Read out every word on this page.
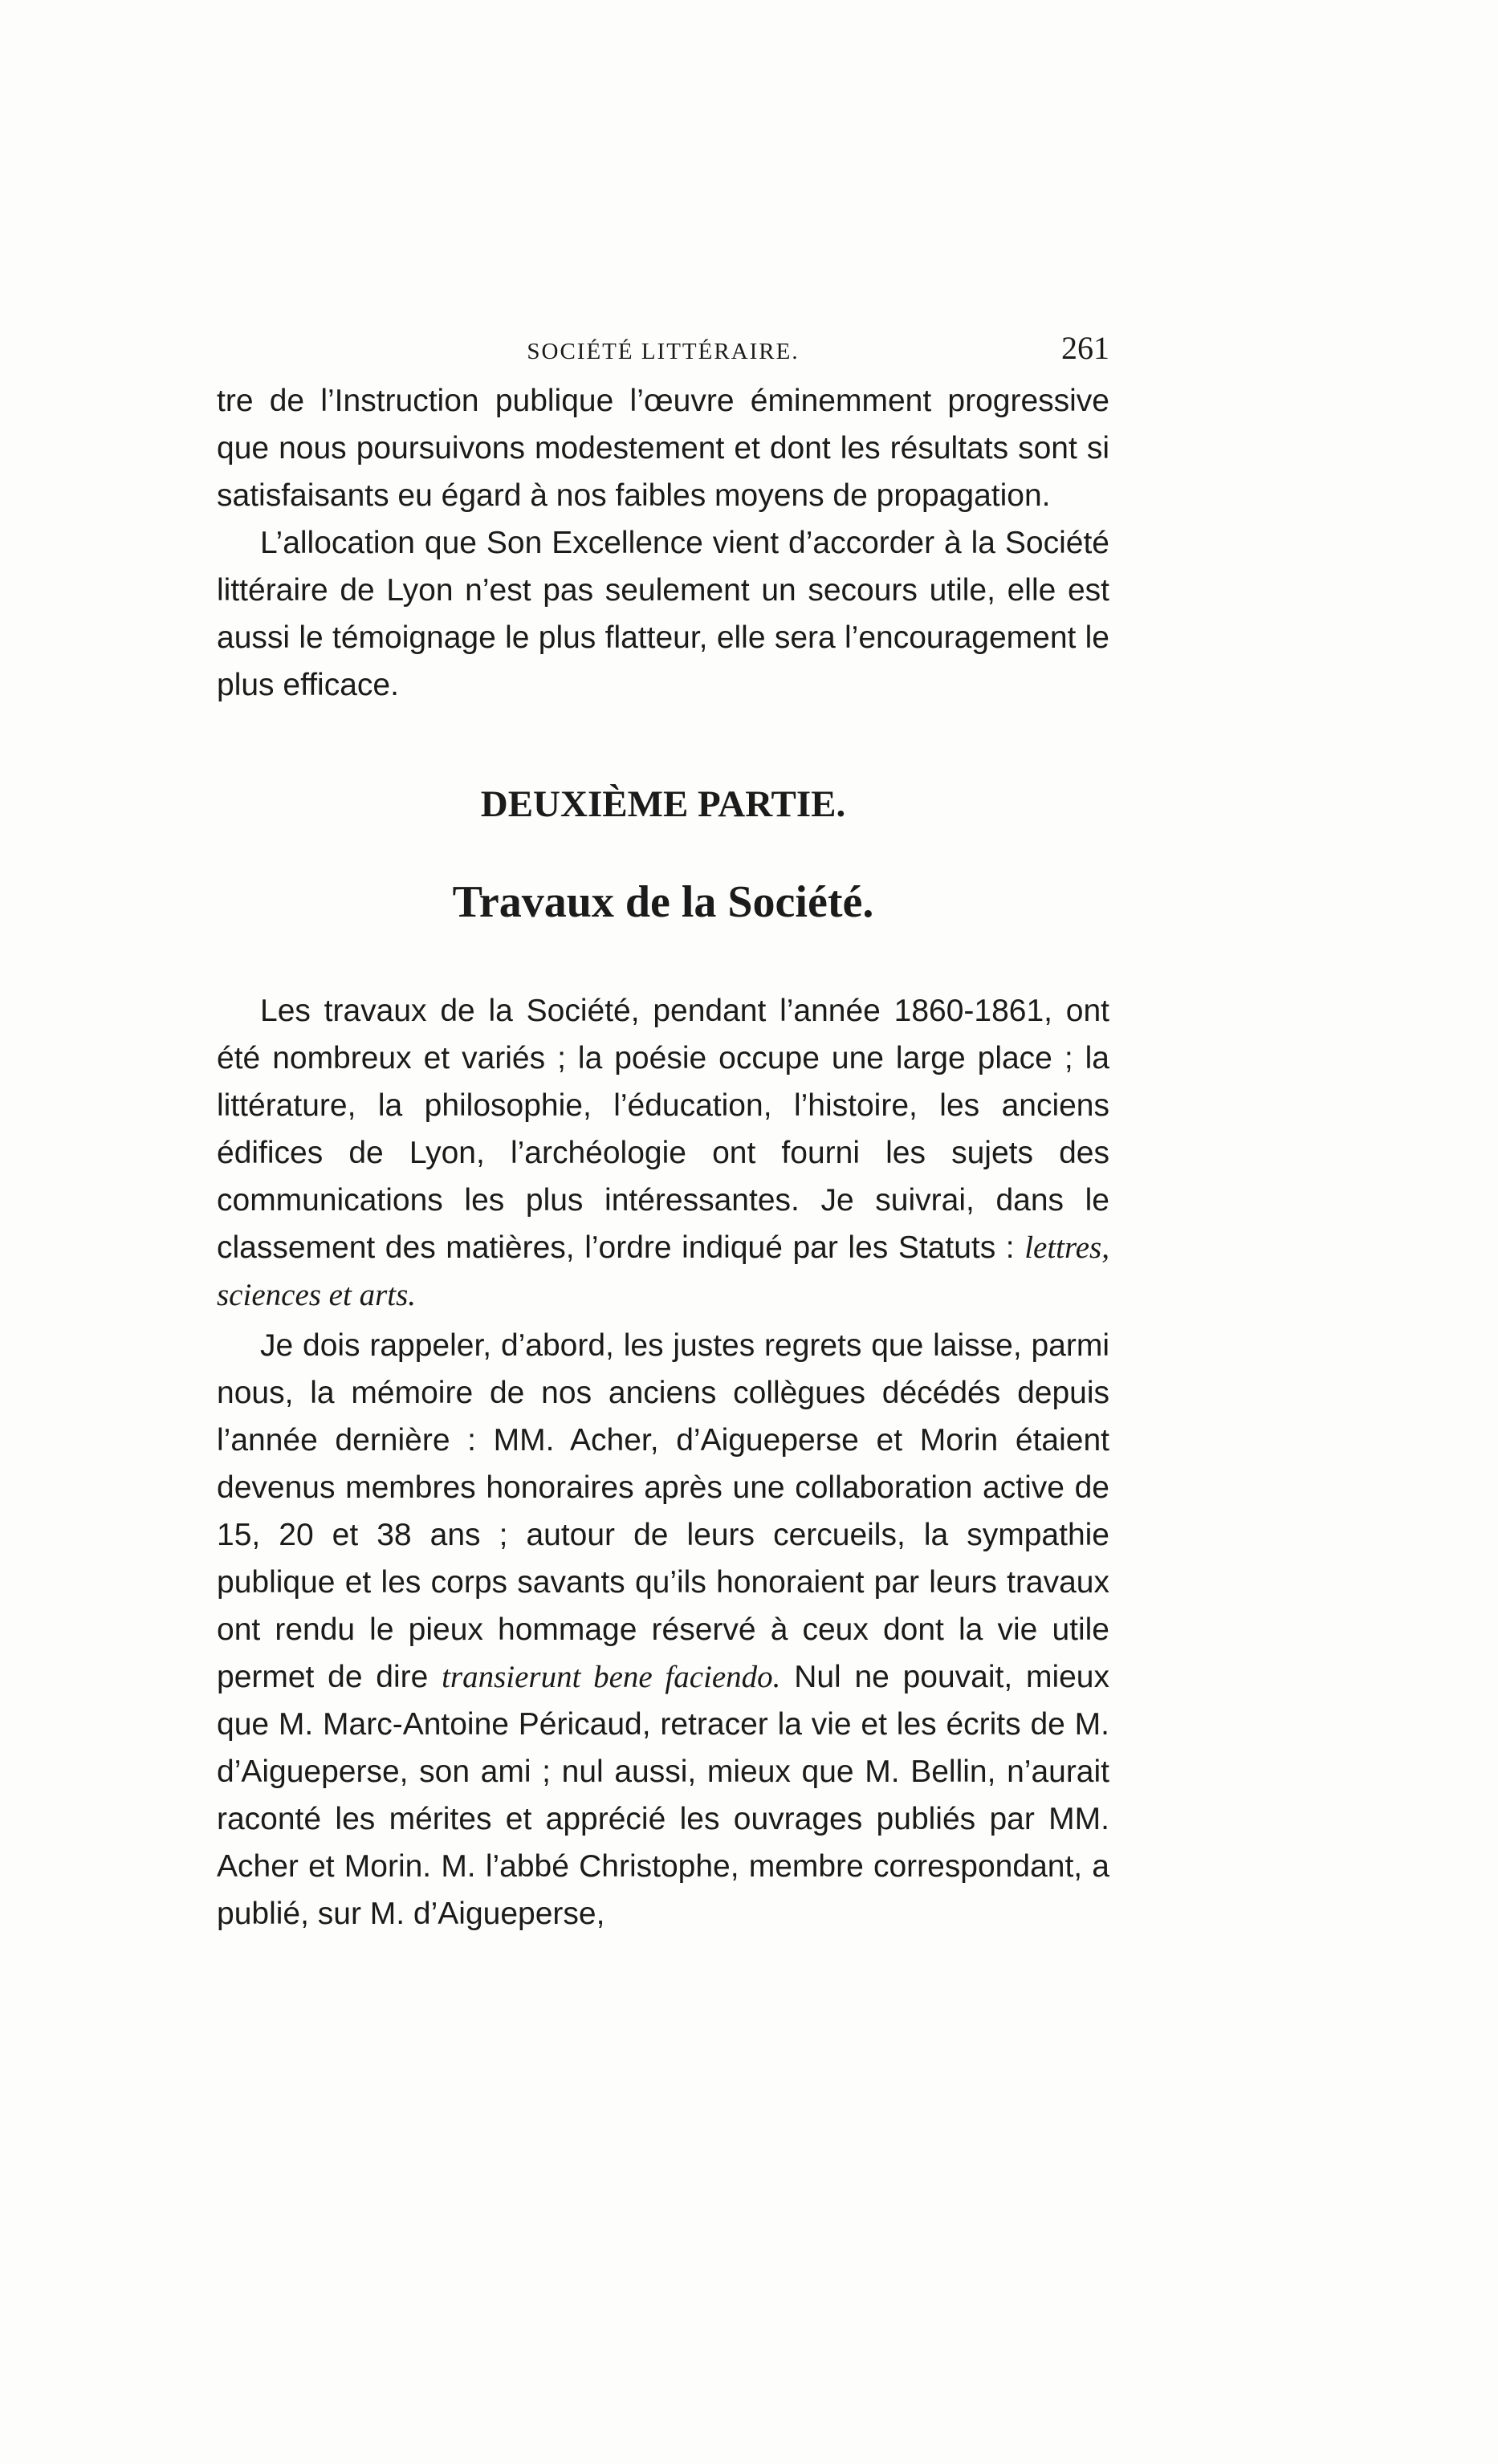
SOCIÉTÉ LITTÉRAIRE.	261

tre de l’Instruction publique l’œuvre éminemment progressive que nous poursuivons modestement et dont les résultats sont si satisfaisants eu égard à nos faibles moyens de propagation.

L’allocation que Son Excellence vient d’accorder à la Société littéraire de Lyon n’est pas seulement un secours utile, elle est aussi le témoignage le plus flatteur, elle sera l’encouragement le plus efficace.

DEUXIÈME PARTIE.
Travaux de la Société.

Les travaux de la Société, pendant l’année 1860-1861, ont été nombreux et variés ; la poésie occupe une large place ; la littérature, la philosophie, l’éducation, l’histoire, les anciens édifices de Lyon, l’archéologie ont fourni les sujets des communications les plus intéressantes. Je suivrai, dans le classement des matières, l’ordre indiqué par les Statuts : lettres, sciences et arts.

Je dois rappeler, d’abord, les justes regrets que laisse, parmi nous, la mémoire de nos anciens collègues décédés depuis l’année dernière : MM. Acher, d’Aigueperse et Morin étaient devenus membres honoraires après une collaboration active de 15, 20 et 38 ans ; autour de leurs cercueils, la sympathie publique et les corps savants qu’ils honoraient par leurs travaux ont rendu le pieux hommage réservé à ceux dont la vie utile permet de dire transierunt bene faciendo. Nul ne pouvait, mieux que M. Marc-Antoine Péricaud, retracer la vie et les écrits de M. d’Aigueperse, son ami ; nul aussi, mieux que M. Bellin, n’aurait raconté les mérites et apprécié les ouvrages publiés par MM. Acher et Morin. M. l’abbé Christophe, membre correspondant, a publié, sur M. d’Aigueperse,
